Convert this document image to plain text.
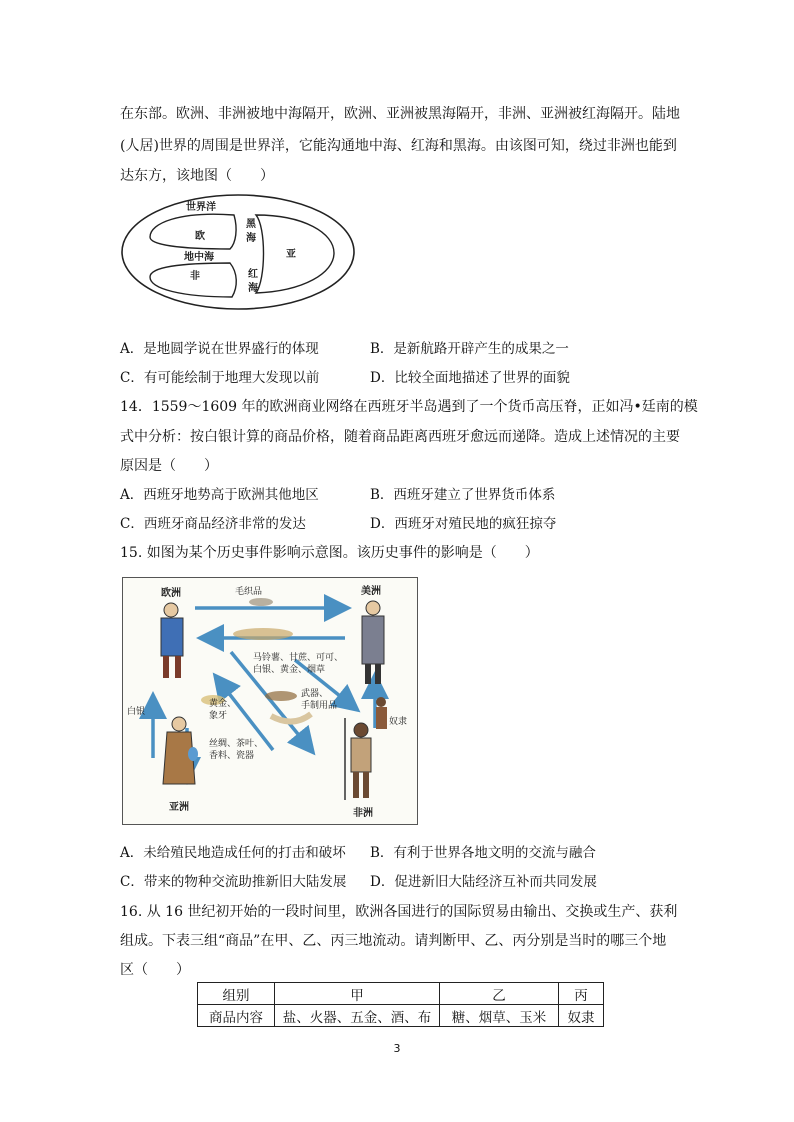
在东部。欧洲、非洲被地中海隔开，欧洲、亚洲被黑海隔开，非洲、亚洲被红海隔开。陆地
(人居)世界的周围是世界洋，它能沟通地中海、红海和黑海。由该图可知，绕过非洲也能到
达东方，该地图（　　）
世界洋
欧
黑
海
亚
地中海
非	红
海
A．是地圆学说在世界盛行的体现	B．是新航路开辟产生的成果之一
C．有可能绘制于地理大发现以前	D．比较全面地描述了世界的面貌
14．1559～1609 年的欧洲商业网络在西班牙半岛遇到了一个货币高压脊，正如冯•廷南的模
式中分析：按白银计算的商品价格，随着商品距离西班牙愈远而递降。造成上述情况的主要
原因是（　　）
A．西班牙地势高于欧洲其他地区	B．西班牙建立了世界货币体系
C．西班牙商品经济非常的发达	D．西班牙对殖民地的疯狂掠夺
15. 如图为某个历史事件影响示意图。该历史事件的影响是（　　）
欧洲	美洲
亚洲
非洲
毛织品
马铃薯、甘蔗、可可、
白银、黄金、烟草
武器、
手制用品
黄金、
象牙
丝绸、茶叶、
香料、瓷器
白银
奴隶
A．未给殖民地造成任何的打击和破坏 B．有利于世界各地文明的交流与融合
C．带来的物种交流助推新旧大陆发展 D．促进新旧大陆经济互补而共同发展
16. 从 16 世纪初开始的一段时间里，欧洲各国进行的国际贸易由输出、交换或生产、获利
组成。下表三组“商品”在甲、乙、丙三地流动。请判断甲、乙、丙分别是当时的哪三个地
区（　　）
组别	甲	乙	丙
商品内容	盐、火器、五金、酒、布	糖、烟草、玉米	奴隶
3
